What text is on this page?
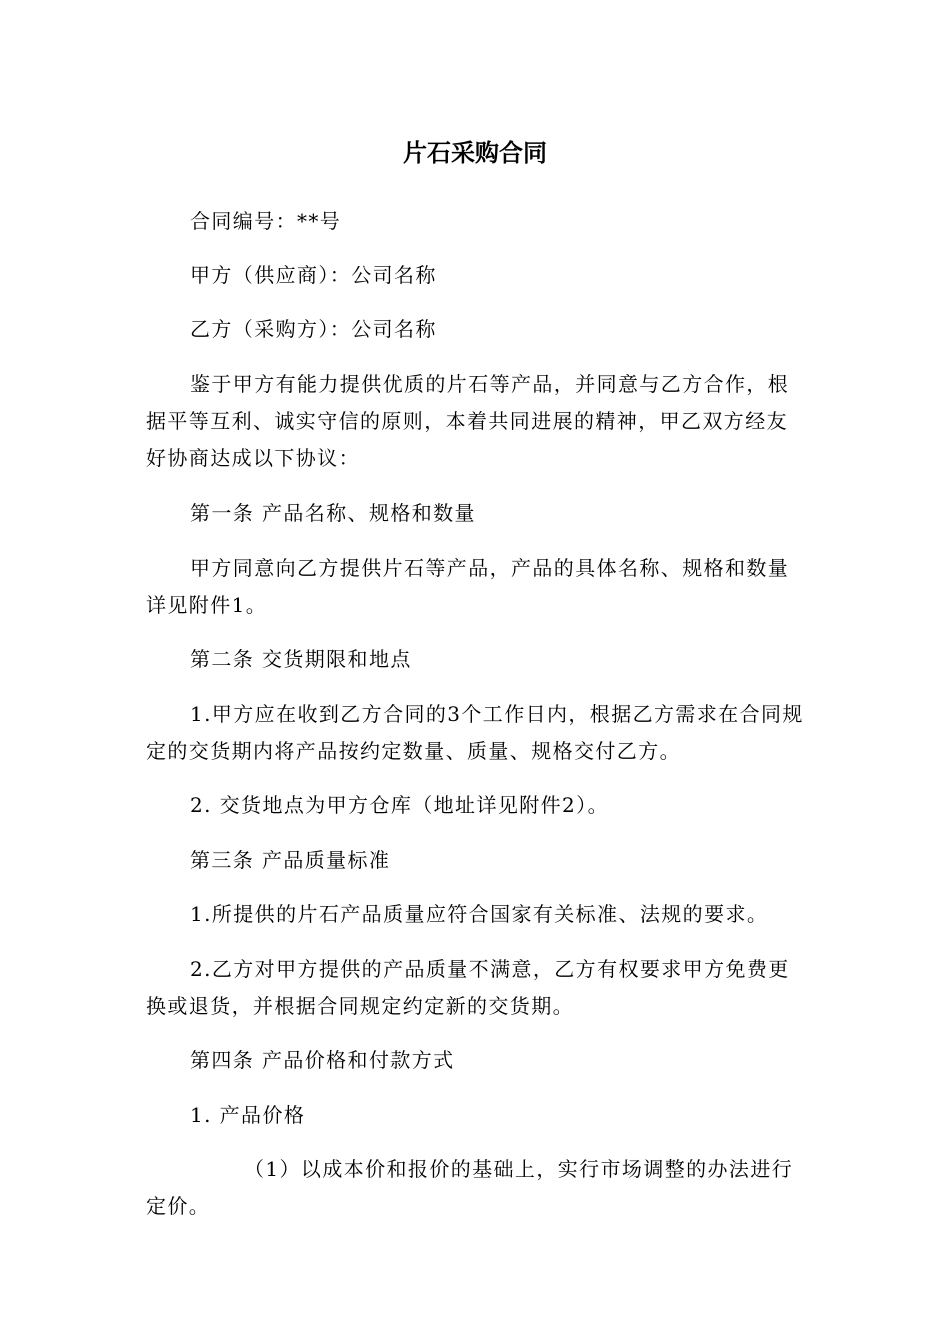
片石采购合同

合同编号：**号

甲方（供应商）：公司名称

乙方（采购方）：公司名称

鉴于甲方有能力提供优质的片石等产品，并同意与乙方合作，根据平等互利、诚实守信的原则，本着共同进展的精神，甲乙双方经友好协商达成以下协议：

第一条 产品名称、规格和数量

甲方同意向乙方提供片石等产品，产品的具体名称、规格和数量详见附件1。

第二条 交货期限和地点

1.甲方应在收到乙方合同的3个工作日内，根据乙方需求在合同规定的交货期内将产品按约定数量、质量、规格交付乙方。

2. 交货地点为甲方仓库（地址详见附件2）。

第三条 产品质量标准

1.所提供的片石产品质量应符合国家有关标准、法规的要求。

2.乙方对甲方提供的产品质量不满意，乙方有权要求甲方免费更换或退货，并根据合同规定约定新的交货期。

第四条 产品价格和付款方式

1. 产品价格

（1）以成本价和报价的基础上，实行市场调整的办法进行定价。
